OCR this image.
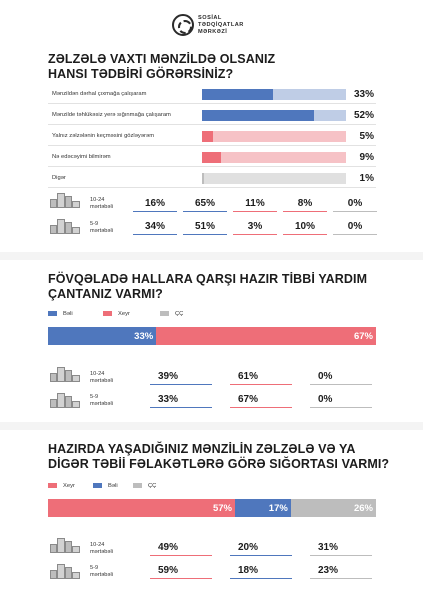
SOSİAL
TƏDQİQATLAR
MƏRKƏZİ
ZƏLZƏLƏ VAXTI MƏNZİLDƏ OLSANIZ
HANSI TƏDBİRİ GÖRƏRSİNİZ?
Mənzildən dərhal çıxmağa çalışaram	33%
Mənzilde təhlükəsiz yerə sığınmağa çalışaram	52%
Yalnız zəlzələnin keçməsini gözləyərəm	5%
Nə edəcəyimi bilmirəm	9%
Digər	1%
10-24
mərtəbəli	16%	65%	11%	8%	0%
5-9
mərtəbəli	34%	51%	3%	10%	0%
FÖVQƏLADƏ HALLARA QARŞI HAZIR TİBBİ YARDIM
ÇANTANIZ VARMI?
Bəli	Xeyr	ÇÇ
33%	67%
10-24
mərtəbəli	39%	61%	0%
5-9
mərtəbəli	33%	67%	0%
HAZIRDA YAŞADIĞINIZ MƏNZİLİN ZƏLZƏLƏ VƏ YA
DİGƏR TƏBİİ FƏLAKƏTLƏRƏ GÖRƏ SIĞORTASI VARMI?
Xeyr	Bəli	ÇÇ
57%	17%	26%
10-24
mərtəbəli	49%	20%	31%
5-9
mərtəbəli	59%	18%	23%
